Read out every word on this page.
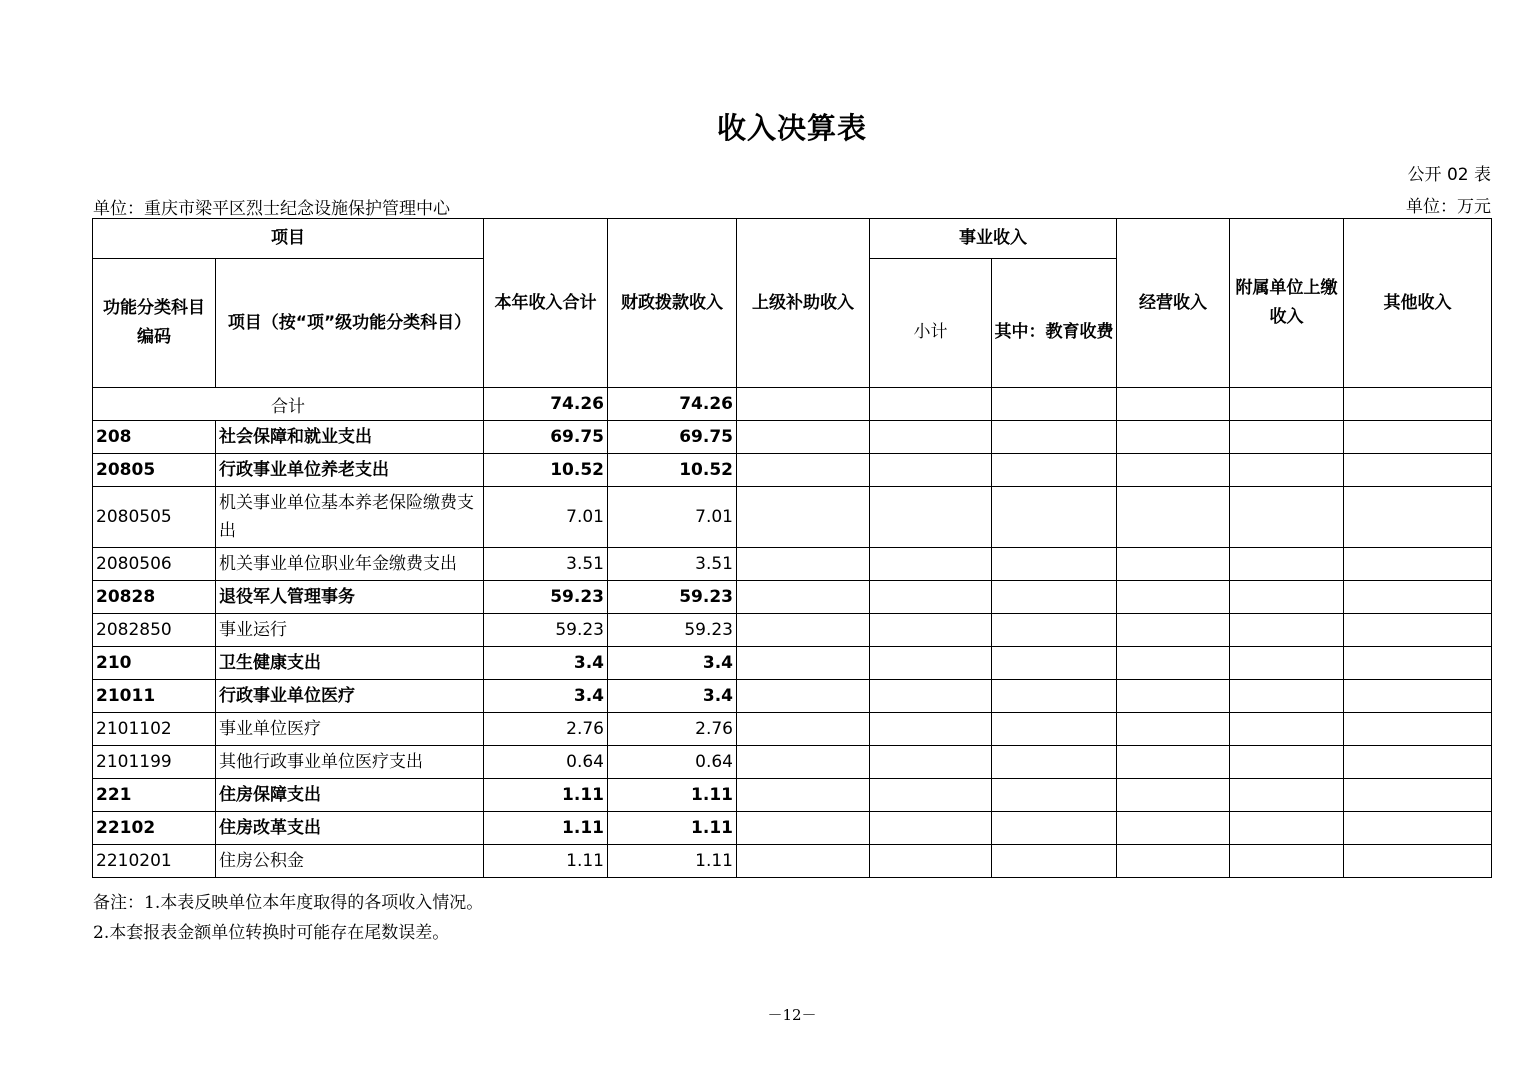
收入决算表
公开 02 表
单位：重庆市梁平区烈士纪念设施保护管理中心	单位：万元
项目		本年收入合计	财政拨款收入	上级补助收入	事业收入		经营收入	附属单位上缴收入	其他收入
功能分类科目编码	项目（按“项”级功能分类科目）				小计	其中：教育收费			
合计		74.26	74.26						
208	社会保障和就业支出	69.75	69.75						
20805	行政事业单位养老支出	10.52	10.52						
2080505	机关事业单位基本养老保险缴费支出	7.01	7.01						
2080506	机关事业单位职业年金缴费支出	3.51	3.51						
20828	退役军人管理事务	59.23	59.23						
2082850	事业运行	59.23	59.23						
210	卫生健康支出	3.4	3.4						
21011	行政事业单位医疗	3.4	3.4						
2101102	事业单位医疗	2.76	2.76						
2101199	其他行政事业单位医疗支出	0.64	0.64						
221	住房保障支出	1.11	1.11						
22102	住房改革支出	1.11	1.11						
2210201	住房公积金	1.11	1.11						
备注：1.本表反映单位本年度取得的各项收入情况。
2.本套报表金额单位转换时可能存在尾数误差。
－12－
